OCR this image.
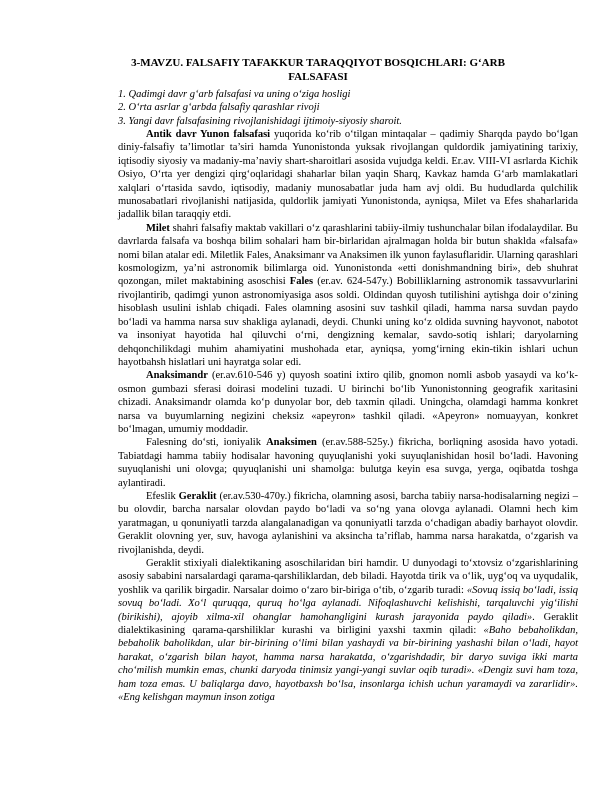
3-MAVZU. FALSAFIY TAFAKKUR TARAQQIYOT BOSQICHLARI: G‘ARB FALSAFASI
1. Qadimgi davr g‘arb falsafasi va uning o‘ziga hosligi
2. O‘rta asrlar g‘arbda falsafiy qarashlar rivoji
3. Yangi davr falsafasining rivojlanishidagi ijtimoiy-siyosiy sharoit.

Antik davr Yunon falsafasi yuqorida ko‘rib o‘tilgan mintaqalar – qadimiy Sharqda paydo bo‘lgan diniy-falsafiy ta’limotlar ta’siri hamda Yunonistonda yuksak rivojlangan quldordik jamiyatining tarixiy, iqtisodiy siyosiy va madaniy-ma’naviy shart-sharoitlari asosida vujudga keldi. Er.av. VIII-VI asrlarda Kichik Osiyo, O‘rta yer dengizi qirg‘oqlaridagi shaharlar bilan yaqin Sharq, Kavkaz hamda G‘arb mamlakatlari xalqlari o‘rtasida savdo, iqtisodiy, madaniy munosabatlar juda ham avj oldi. Bu hududlarda qulchilik munosabatlari rivojlanishi natijasida, quldorlik jamiyati Yunonistonda, ayniqsa, Milet va Efes shaharlarida jadallik bilan taraqqiy etdi.

Milet shahri falsafiy maktab vakillari o‘z qarashlarini tabiiy-ilmiy tushunchalar bilan ifodalaydilar. Bu davrlarda falsafa va boshqa bilim sohalari ham bir-birlaridan ajralmagan holda bir butun shaklda «falsafa» nomi bilan atalar edi. Miletlik Fales, Anaksimanr va Anaksimen ilk yunon faylasuflaridir. Ularning qarashlari kosmologizm, ya’ni astronomik bilimlarga oid. Yunonistonda «etti donishmandning biri», deb shuhrat qozongan, milet maktabining asoschisi Fales (er.av. 624-547y.) Bobilliklarning astronomik tassavvurlarini rivojlantirib, qadimgi yunon astronomiyasiga asos soldi. Oldindan quyosh tutilishini aytishga doir o‘zining hisoblash usulini ishlab chiqadi. Fales olamning asosini suv tashkil qiladi, hamma narsa suvdan paydo bo‘ladi va hamma narsa suv shakliga aylanadi, deydi. Chunki uning ko‘z oldida suvning hayvonot, nabotot va insoniyat hayotida hal qiluvchi o‘rni, dengizning kemalar, savdo-sotiq ishlari; daryolarning dehqonchilikdagi muhim ahamiyatini mushohada etar, ayniqsa, yomg‘irning ekin-tikin ishlari uchun hayotbahsh hislatlari uni hayratga solar edi.

Anaksimandr (er.av.610-546 y) quyosh soatini ixtiro qilib, gnomon nomli asbob yasaydi va ko‘k-osmon gumbazi sferasi doirasi modelini tuzadi. U birinchi bo‘lib Yunonistonning geografik xaritasini chizadi. Anaksimandr olamda ko‘p dunyolar bor, deb taxmin qiladi. Uningcha, olamdagi hamma konkret narsa va buyumlarning negizini cheksiz «apeyron» tashkil qiladi. «Apeyron» nomuayyan, konkret bo‘lmagan, umumiy moddadir.

Falesning do‘sti, ioniyalik Anaksimen (er.av.588-525y.) fikricha, borliqning asosida havo yotadi. Tabiatdagi hamma tabiiy hodisalar havoning quyuqlanishi yoki suyuqlanishidan hosil bo‘ladi. Havoning suyuqlanishi uni olovga; quyuqlanishi uni shamolga: bulutga keyin esa suvga, yerga, oqibatda toshga aylantiradi.

Efeslik Geraklit (er.av.530-470y.) fikricha, olamning asosi, barcha tabiiy narsa-hodisalarning negizi – bu olovdir, barcha narsalar olovdan paydo bo‘ladi va so‘ng yana olovga aylanadi. Olamni hech kim yaratmagan, u qonuniyatli tarzda alangalanadigan va qonuniyatli tarzda o‘chadigan abadiy barhayot olovdir. Geraklit olovning yer, suv, havoga aylanishini va aksincha ta’riflab, hamma narsa harakatda, o‘zgarish va rivojlanishda, deydi.

Geraklit stixiyali dialektikaning asoschilaridan biri hamdir. U dunyodagi to‘xtovsiz o‘zgarishlarining asosiy sababini narsalardagi qarama-qarshiliklardan, deb biladi. Hayotda tirik va o‘lik, uyg‘oq va uyqudalik, yoshlik va qarilik birgadir. Narsalar doimo o‘zaro bir-biriga o‘tib, o‘zgarib turadi: «Sovuq issiq bo‘ladi, issiq sovuq bo‘ladi. Xo‘l quruqqa, quruq ho‘lga aylanadi. Nifoqlashuvchi kelishishi, tarqaluvchi yig‘ilishi (birikishi), ajoyib xilma-xil ohanglar hamohangligini kurash jarayonida paydo qiladi». Geraklit dialektikasining qarama-qarshiliklar kurashi va birligini yaxshi taxmin qiladi: «Baho bebaholikdan, bebaholik baholikdan, ular bir-birining o‘limi bilan yashaydi va bir-birining yashashi bilan o‘ladi, hayot harakat, o‘zgarish bilan hayot, hamma narsa harakatda, o‘zgarishdadir, bir daryo suviga ikki marta cho‘milish mumkin emas, chunki daryoda tinimsiz yangi-yangi suvlar oqib turadi». «Dengiz suvi ham toza, ham toza emas. U baliqlarga davo, hayotbaxsh bo‘lsa, insonlarga ichish uchun yaramaydi va zararlidir». «Eng kelishgan maymun inson zotiga
